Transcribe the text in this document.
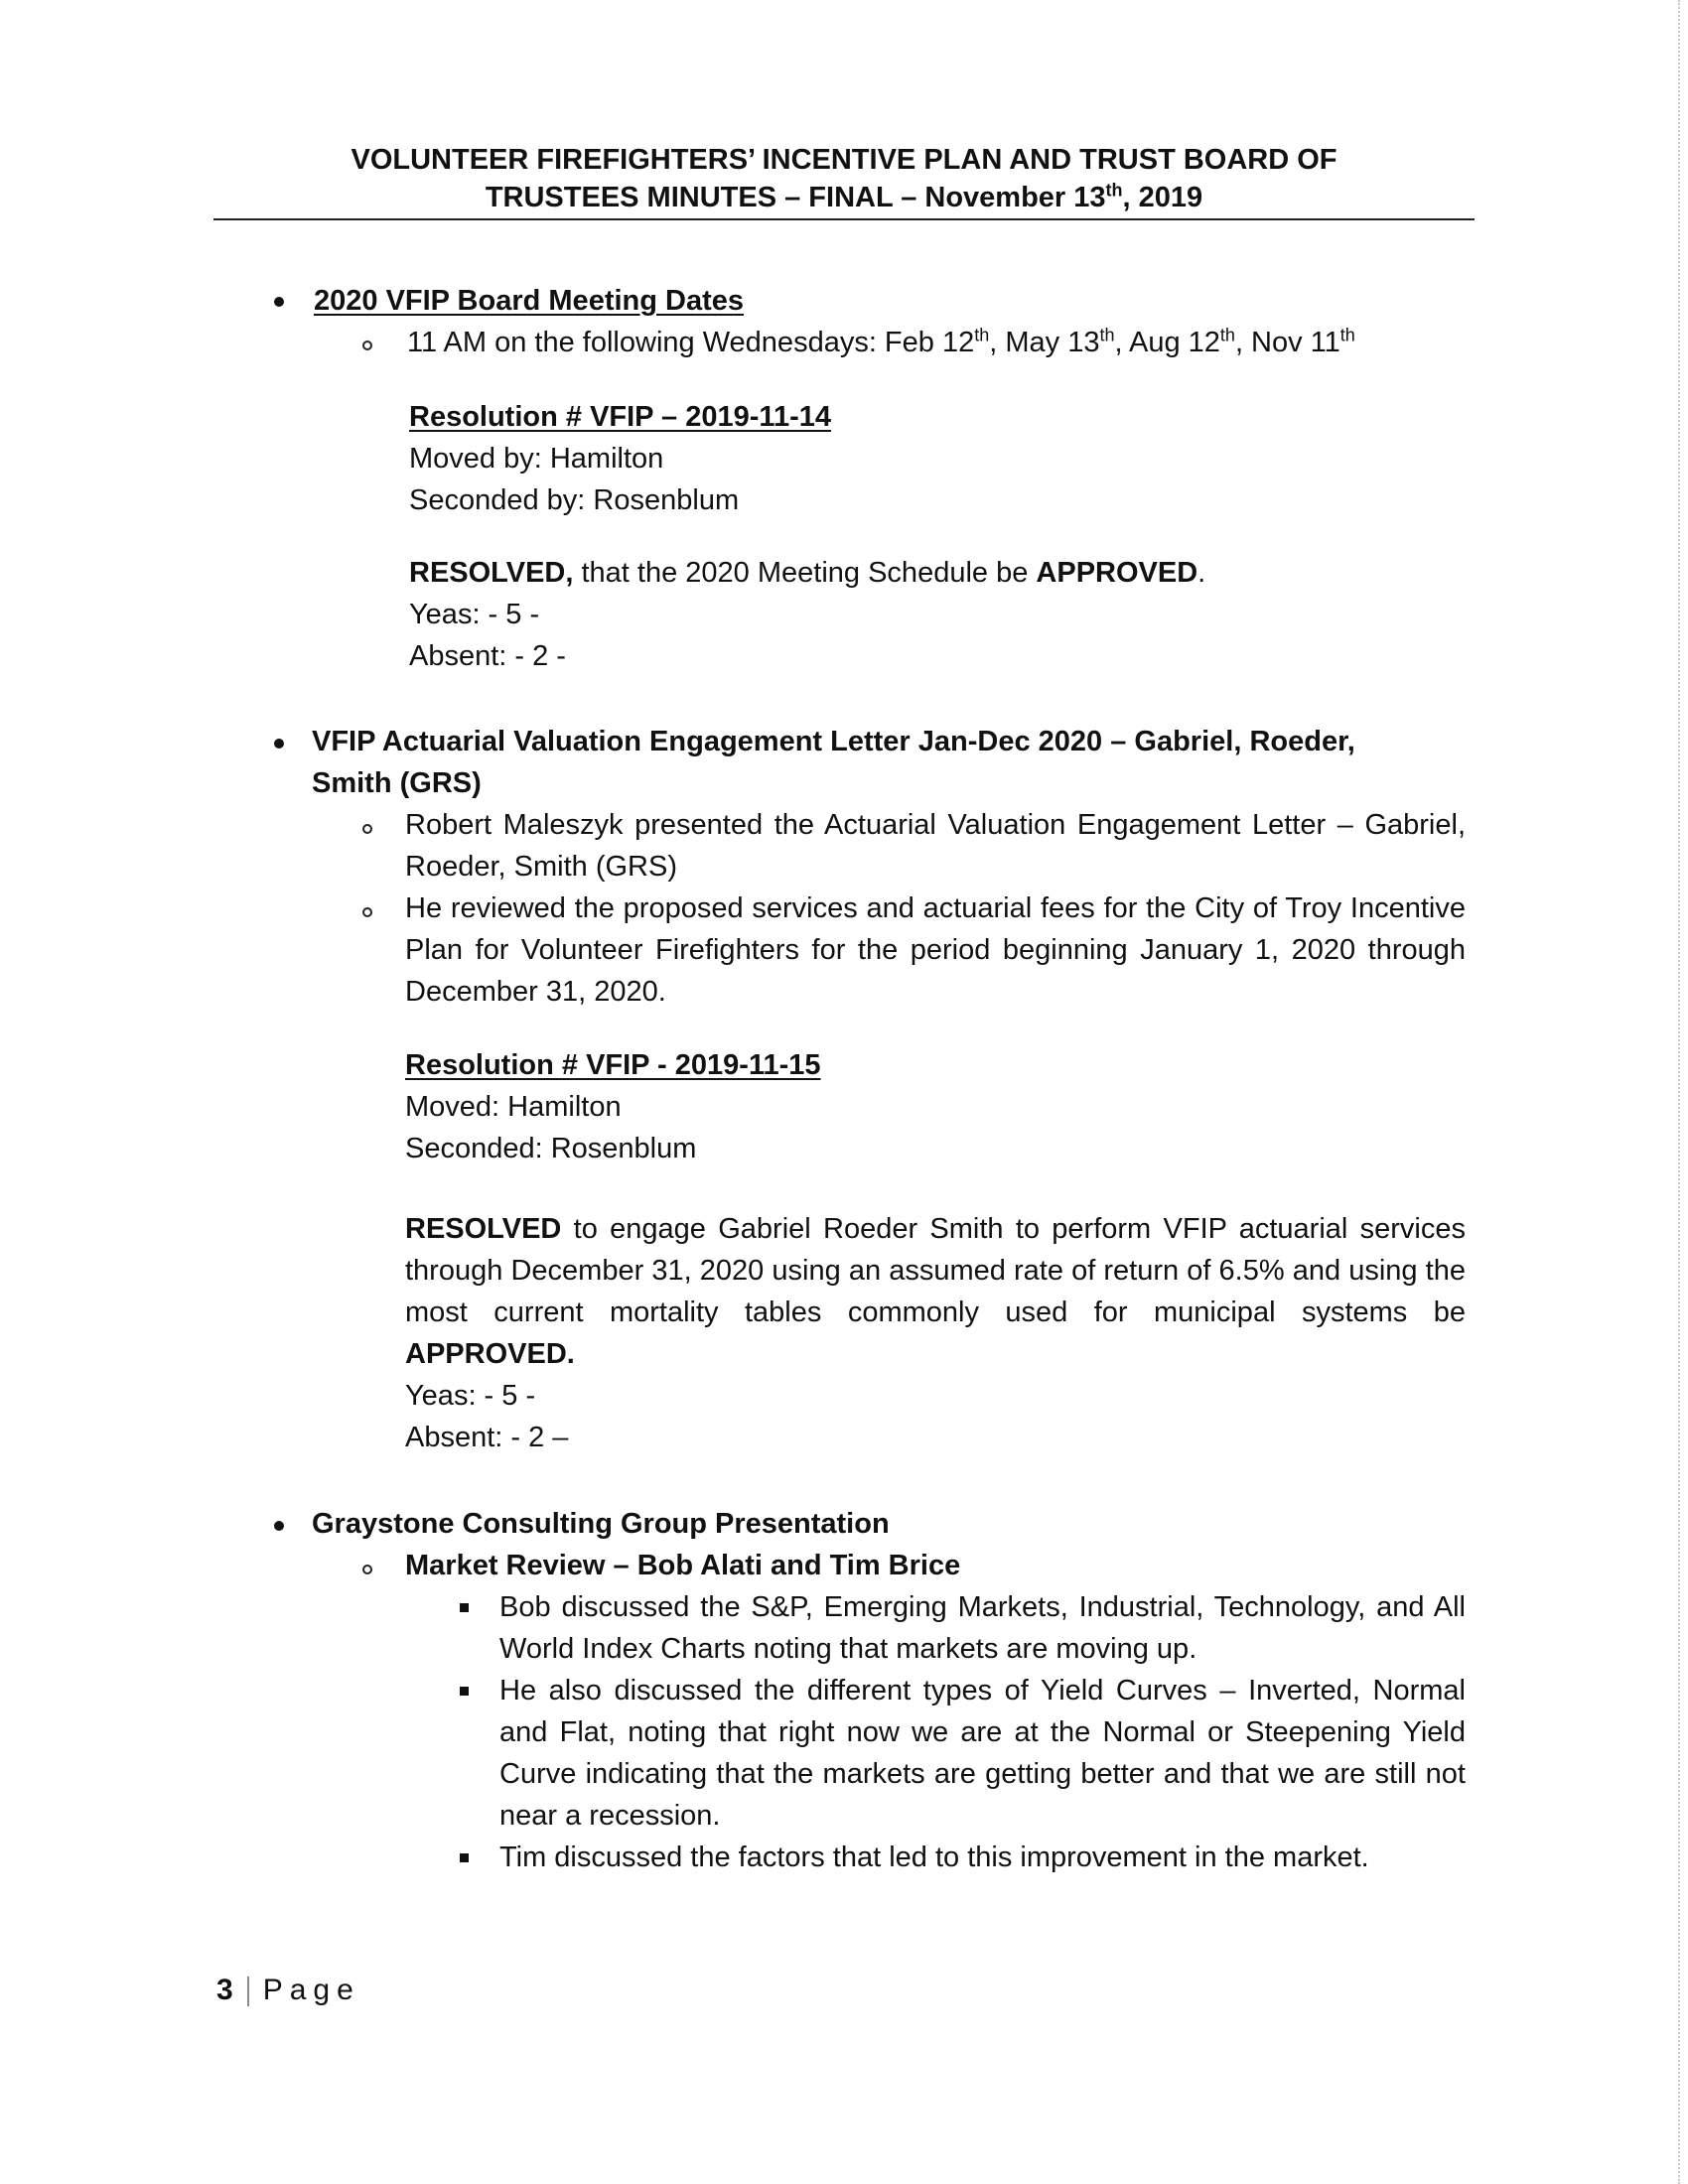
VOLUNTEER FIREFIGHTERS’ INCENTIVE PLAN AND TRUST BOARD OF
TRUSTEES MINUTES – FINAL – November 13th, 2019
2020 VFIP Board Meeting Dates
11 AM on the following Wednesdays: Feb 12th, May 13th, Aug 12th, Nov 11th
Resolution # VFIP – 2019-11-14
Moved by: Hamilton
Seconded by: Rosenblum
RESOLVED, that the 2020 Meeting Schedule be APPROVED.
Yeas: - 5 -
Absent: - 2 -
VFIP Actuarial Valuation Engagement Letter Jan-Dec 2020 – Gabriel, Roeder,
Smith (GRS)
Robert Maleszyk presented the Actuarial Valuation Engagement Letter – Gabriel, Roeder, Smith (GRS)
He reviewed the proposed services and actuarial fees for the City of Troy Incentive Plan for Volunteer Firefighters for the period beginning January 1, 2020 through December 31, 2020.
Resolution # VFIP - 2019-11-15
Moved: Hamilton
Seconded: Rosenblum
RESOLVED to engage Gabriel Roeder Smith to perform VFIP actuarial services through December 31, 2020 using an assumed rate of return of 6.5% and using the most current mortality tables commonly used for municipal systems be APPROVED.
Yeas: - 5 -
Absent: - 2 –
Graystone Consulting Group Presentation
Market Review – Bob Alati and Tim Brice
Bob discussed the S&P, Emerging Markets, Industrial, Technology, and All World Index Charts noting that markets are moving up.
He also discussed the different types of Yield Curves – Inverted, Normal and Flat, noting that right now we are at the Normal or Steepening Yield Curve indicating that the markets are getting better and that we are still not near a recession.
Tim discussed the factors that led to this improvement in the market.
3 Page
